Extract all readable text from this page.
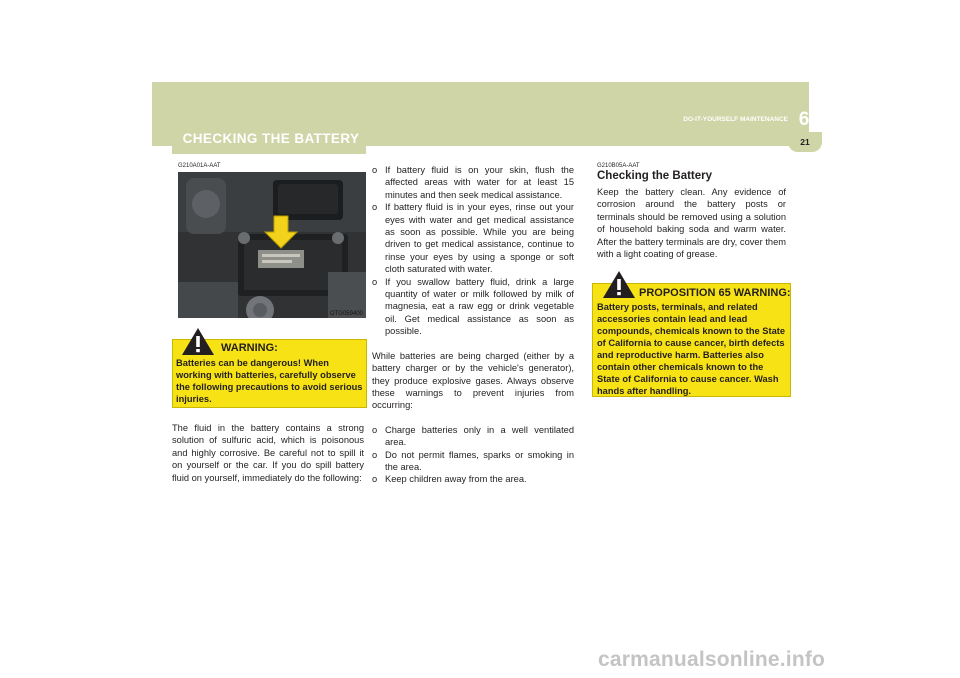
CHECKING THE BATTERY
6
DO-IT-YOURSELF MAINTENANCE
21
G210A01A-AAT
OTG059400
WARNING:
Batteries can be dangerous! When working with batteries, carefully observe the following precautions to avoid serious injuries.
The fluid in the battery contains a strong solution of sulfuric acid, which is poisonous and highly corrosive. Be careful not to spill it on yourself or the car. If you do spill battery fluid on yourself, immediately do the following:
o If battery fluid is on your skin, flush the affected areas with water for at least 15 minutes and then seek medical assistance.
o If battery fluid is in your eyes, rinse out your eyes with water and get medical assistance as soon as possible. While you are being driven to get medical assistance, continue to rinse your eyes by using a sponge or soft cloth saturated with water.
o If you swallow battery fluid, drink a large quantity of water or milk followed by milk of magnesia, eat a raw egg or drink vegetable oil. Get medical assistance as soon as possible.

While batteries are being charged (either by a battery charger or by the vehicle's generator), they produce explosive gases. Always observe these warnings to prevent injuries from occurring:

o Charge batteries only in a well ventilated area.
o Do not permit flames, sparks or smoking in the area.
o Keep children away from the area.
G210B05A-AAT
Checking the Battery
Keep the battery clean. Any evidence of corrosion around the battery posts or terminals should be removed using a solution of household baking soda and warm water. After the battery terminals are dry, cover them with a light coating of grease.
PROPOSITION 65 WARNING:
Battery posts, terminals, and related accessories contain lead and lead compounds, chemicals known to the State of California to cause cancer, birth defects and reproductive harm. Batteries also contain other chemicals known to the State of California to cause cancer. Wash hands after handling.
carmanualsonline.info
